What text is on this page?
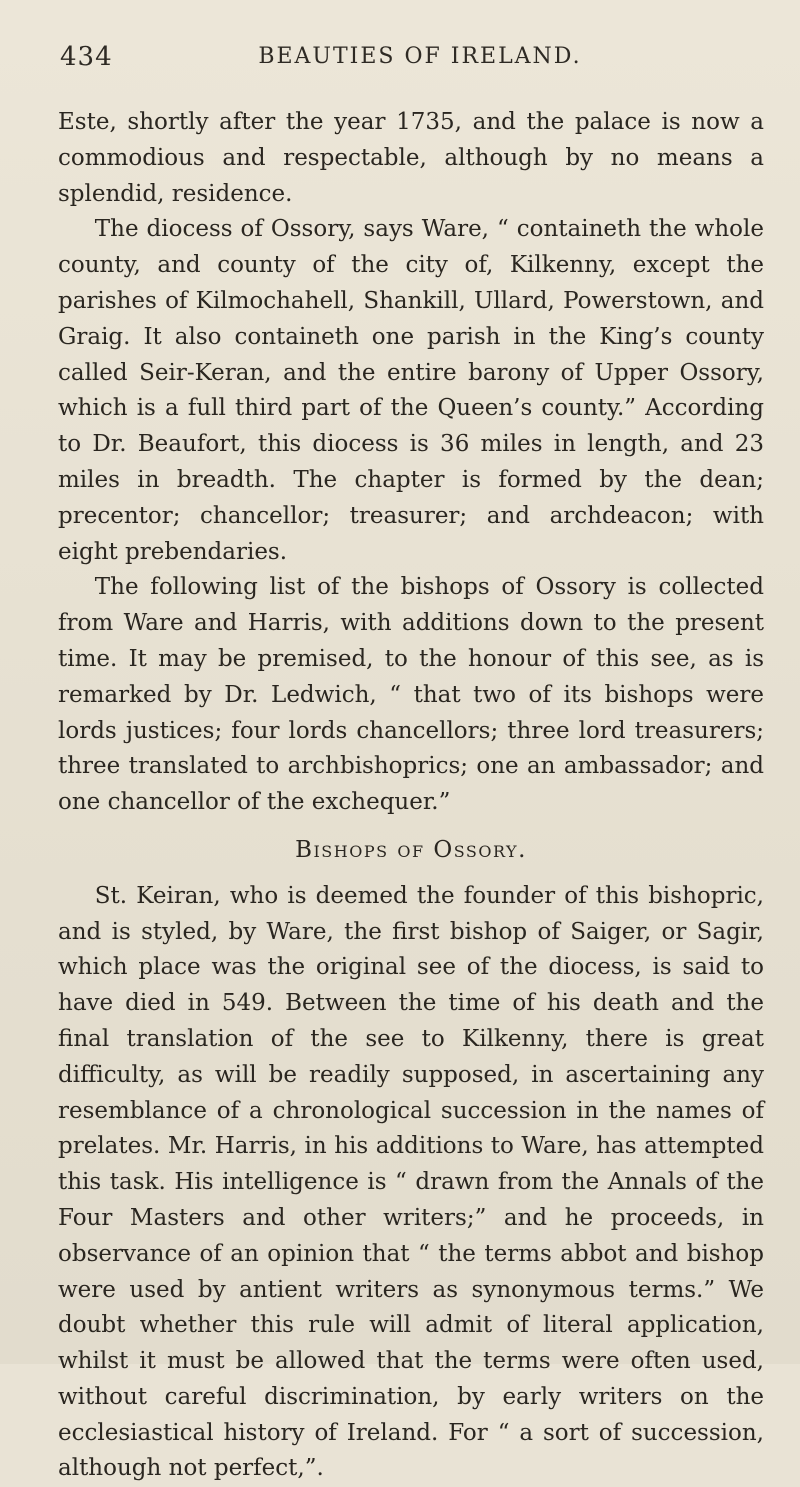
434	BEAUTIES OF IRELAND.

Este, shortly after the year 1735, and the palace is now a commodious and respectable, although by no means a splendid, residence.

The diocess of Ossory, says Ware, “ containeth the whole county, and county of the city of, Kilkenny, except the parishes of Kilmochahell, Shankill, Ullard, Powerstown, and Graig. It also containeth one parish in the King’s county called Seir-Keran, and the entire barony of Upper Ossory, which is a full third part of the Queen’s county.” According to Dr. Beaufort, this diocess is 36 miles in length, and 23 miles in breadth. The chapter is formed by the dean; precentor; chancellor; treasurer; and archdeacon; with eight prebendaries.

The following list of the bishops of Ossory is collected from Ware and Harris, with additions down to the present time. It may be premised, to the honour of this see, as is remarked by Dr. Ledwich, “ that two of its bishops were lords justices; four lords chancellors; three lord treasurers; three translated to archbishoprics; one an ambassador; and one chancellor of the exchequer.”

Bishops of Ossory.

St. Keiran, who is deemed the founder of this bishopric, and is styled, by Ware, the first bishop of Saiger, or Sagir, which place was the original see of the diocess, is said to have died in 549. Between the time of his death and the final translation of the see to Kilkenny, there is great difficulty, as will be readily supposed, in ascertaining any resemblance of a chronological succession in the names of prelates. Mr. Harris, in his additions to Ware, has attempted this task. His intelligence is “ drawn from the Annals of the Four Masters and other writers;” and he proceeds, in observance of an opinion that “ the terms abbot and bishop were used by antient writers as synonymous terms.” We doubt whether this rule will admit of literal application, whilst it must be allowed that the terms were often used, without careful discrimination, by early writers on the ecclesiastical history of Ireland. For “ a sort of succession, although not perfect,”.
